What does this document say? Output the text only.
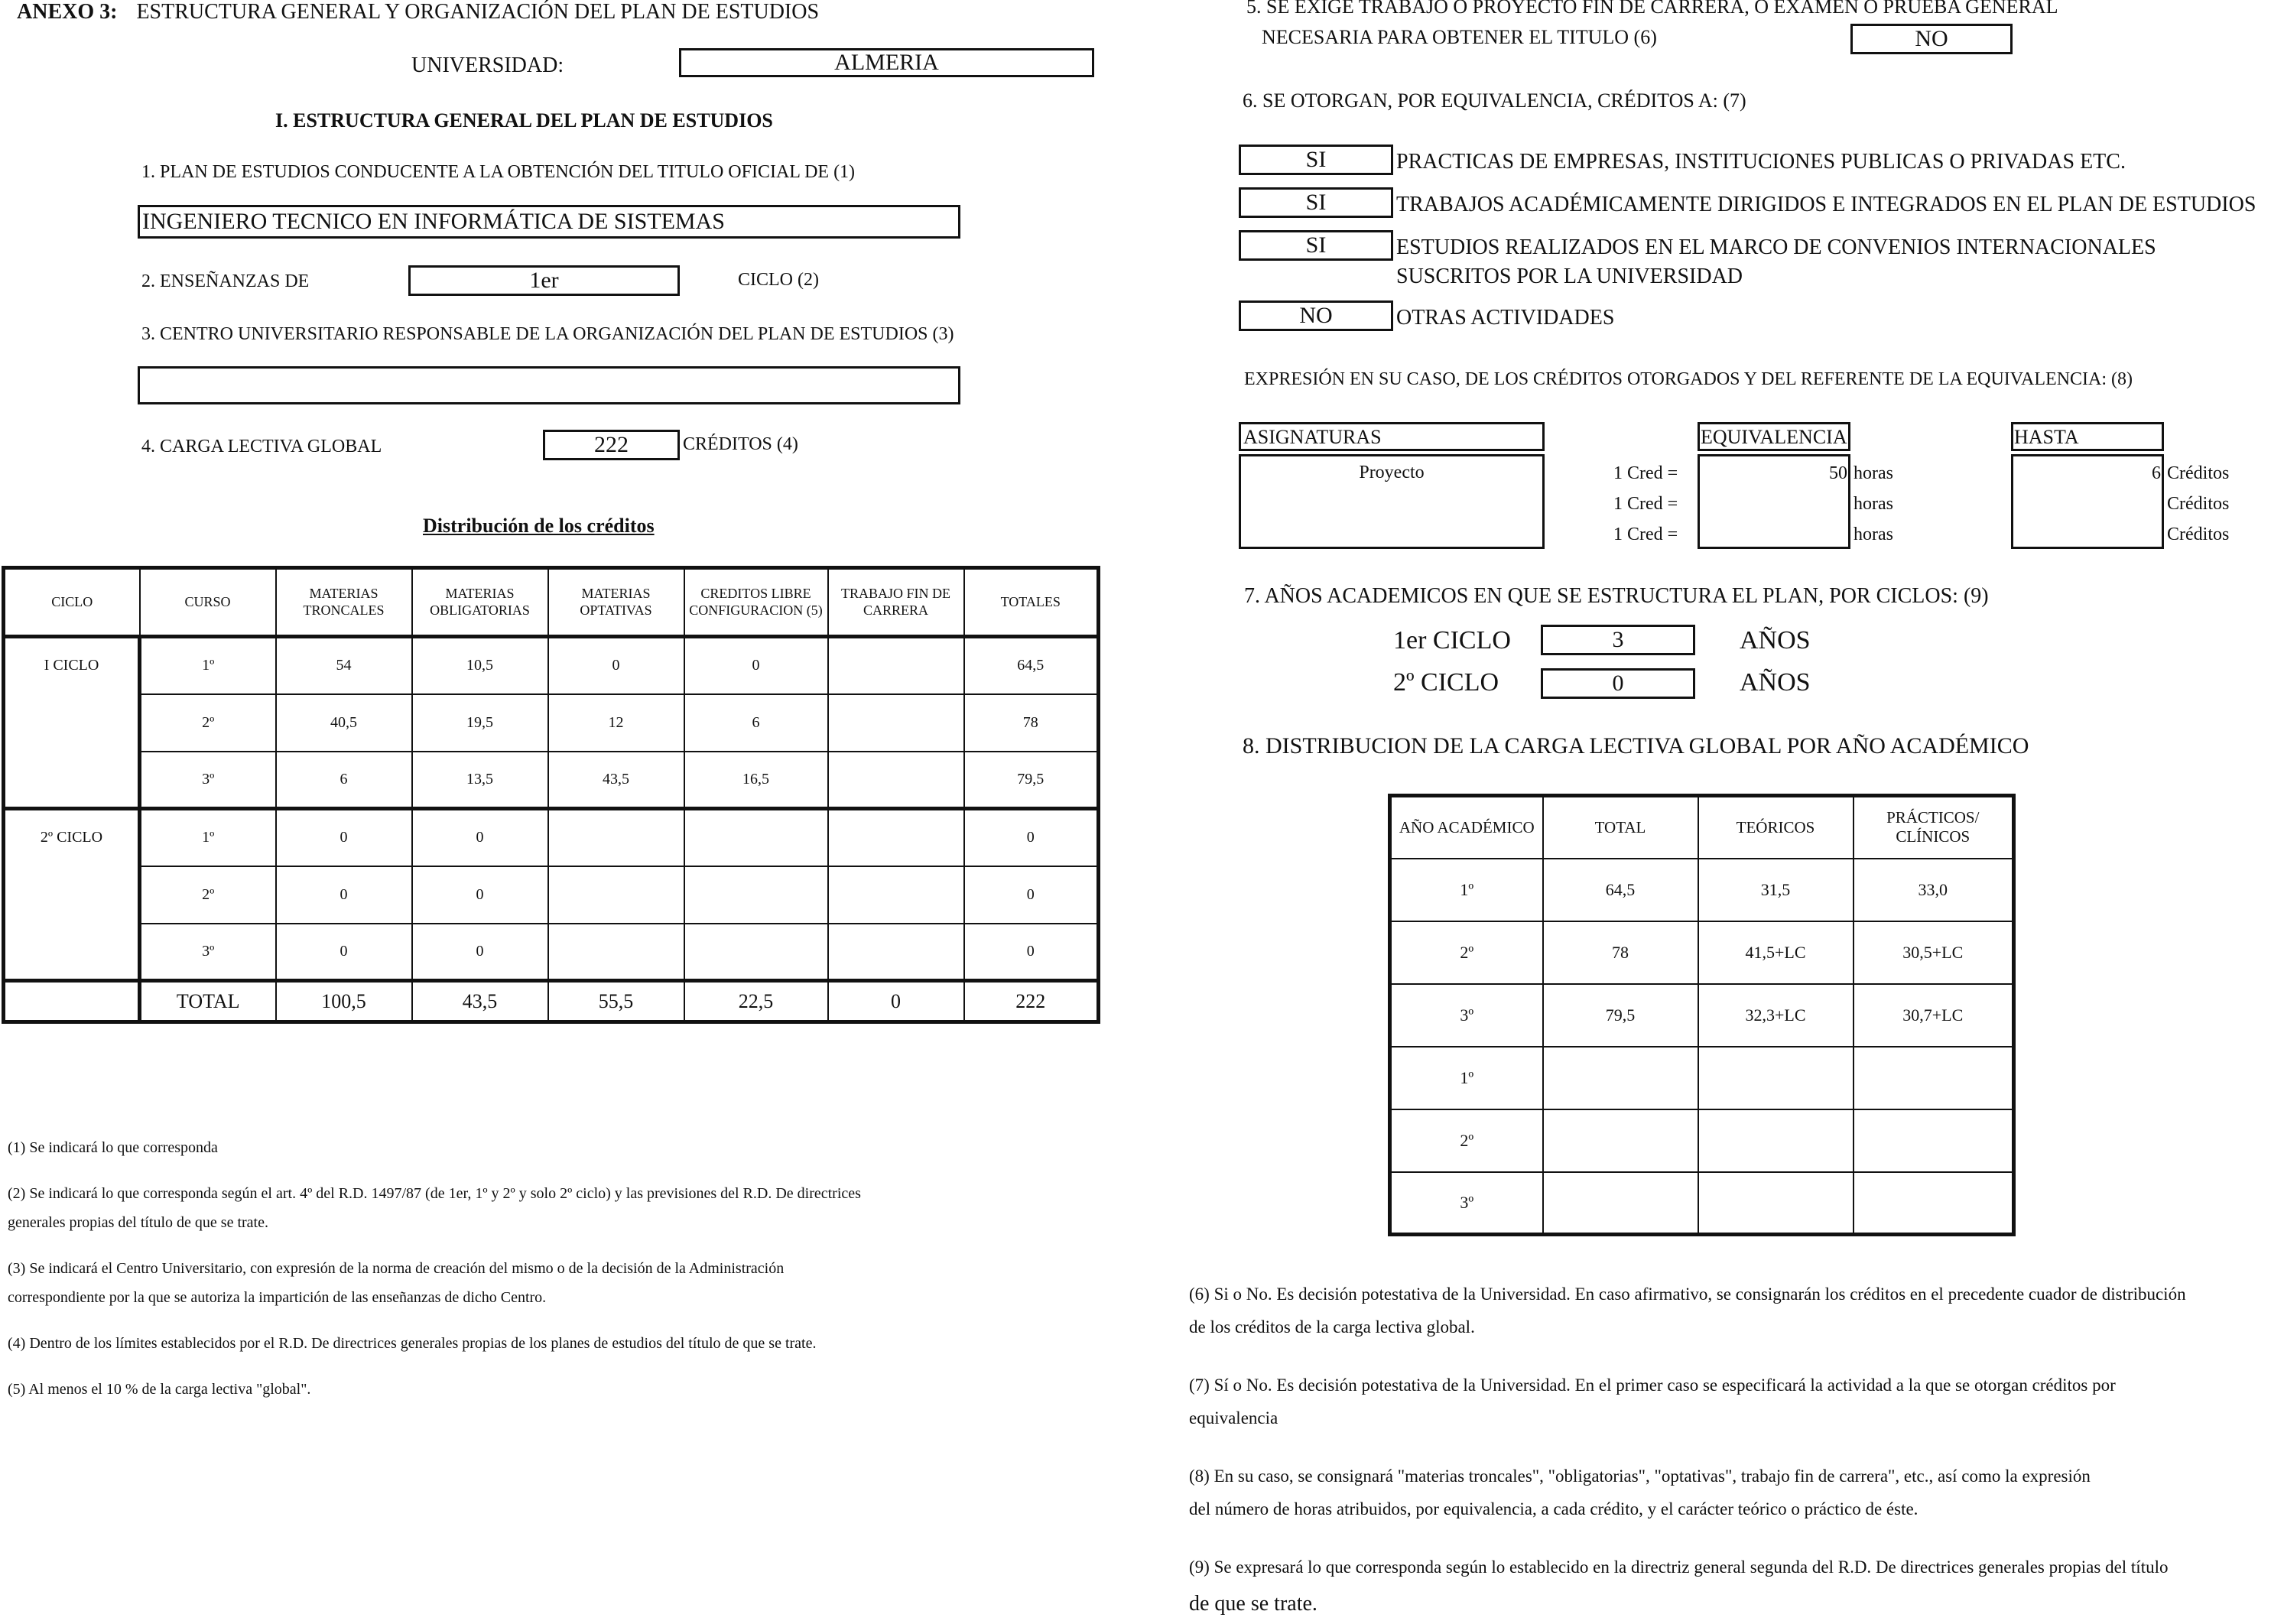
ANEXO 3: ESTRUCTURA GENERAL Y ORGANIZACIÓN DEL PLAN DE ESTUDIOS
UNIVERSIDAD:	ALMERIA
I. ESTRUCTURA GENERAL DEL PLAN DE ESTUDIOS
1. PLAN DE ESTUDIOS CONDUCENTE A LA OBTENCIÓN DEL TITULO OFICIAL DE (1)
INGENIERO TECNICO EN INFORMÁTICA DE SISTEMAS
2. ENSEÑANZAS DE	1er	CICLO (2)
3. CENTRO UNIVERSITARIO RESPONSABLE DE LA ORGANIZACIÓN DEL PLAN DE ESTUDIOS (3)
4. CARGA LECTIVA GLOBAL	222	CRÉDITOS (4)
Distribución de los créditos
CICLO	CURSO	MATERIAS TRONCALES	MATERIAS OBLIGATORIAS	MATERIAS OPTATIVAS	CREDITOS LIBRE CONFIGURACION (5)	TRABAJO FIN DE CARRERA	TOTALES
I CICLO	1º	54	10,5	0	0		64,5
	2º	40,5	19,5	12	6		78
	3º	6	13,5	43,5	16,5		79,5
2º CICLO	1º	0	0				0
	2º	0	0				0
	3º	0	0				0
	TOTAL	100,5	43,5	55,5	22,5	0	222
(1) Se indicará lo que corresponda
(2) Se indicará lo que corresponda según el art. 4º del R.D. 1497/87 (de 1er, 1º y 2º y solo 2º ciclo) y las previsiones del R.D. De directrices
generales propias del título de que se trate.
(3) Se indicará el Centro Universitario, con expresión de la norma de creación del mismo o de la decisión de la Administración
correspondiente por la que se autoriza la impartición de las enseñanzas de dicho Centro.
(4) Dentro de los límites establecidos por el R.D. De directrices generales propias de los planes de estudios del título de que se trate.
(5) Al menos el 10 % de la carga lectiva "global".
5. SE EXIGE TRABAJO O PROYECTO FIN DE CARRERA, O EXAMEN O PRUEBA GENERAL
NECESARIA PARA OBTENER EL TITULO (6)	NO
6. SE OTORGAN, POR EQUIVALENCIA, CRÉDITOS A: (7)
SI	PRACTICAS DE EMPRESAS, INSTITUCIONES PUBLICAS O PRIVADAS ETC.
SI	TRABAJOS ACADÉMICAMENTE DIRIGIDOS E INTEGRADOS EN EL PLAN DE ESTUDIOS
SI	ESTUDIOS REALIZADOS EN EL MARCO DE CONVENIOS INTERNACIONALES
SUSCRITOS POR LA UNIVERSIDAD
NO	OTRAS ACTIVIDADES
EXPRESIÓN EN SU CASO, DE LOS CRÉDITOS OTORGADOS Y DEL REFERENTE DE LA EQUIVALENCIA: (8)
ASIGNATURAS
Proyecto
EQUIVALENCIA	HASTA
1 Cred =	50 horas	6 Créditos
1 Cred =	horas	Créditos
1 Cred =	horas	Créditos
7. AÑOS ACADEMICOS EN QUE SE ESTRUCTURA EL PLAN, POR CICLOS: (9)
1er CICLO	3	AÑOS
2º CICLO	0	AÑOS
8. DISTRIBUCION DE LA CARGA LECTIVA GLOBAL POR AÑO ACADÉMICO
AÑO ACADÉMICO	TOTAL	TEÓRICOS	PRÁCTICOS/ CLÍNICOS
1º	64,5	31,5	33,0
2º	78	41,5+LC	30,5+LC
3º	79,5	32,3+LC	30,7+LC
1º			
2º			
3º			
(6) Si o No. Es decisión potestativa de la Universidad. En caso afirmativo, se consignarán los créditos en el precedente cuador de distribución
de los créditos de la carga lectiva global.
(7) Sí o No. Es decisión potestativa de la Universidad. En el primer caso se especificará la actividad a la que se otorgan créditos por
equivalencia
(8) En su caso, se consignará "materias troncales", "obligatorias", "optativas", trabajo fin de carrera", etc., así como la expresión
del número de horas atribuidos, por equivalencia, a cada crédito, y el carácter teórico o práctico de éste.
(9) Se expresará lo que corresponda según lo establecido en la directriz general segunda del R.D. De directrices generales propias del título
de que se trate.
